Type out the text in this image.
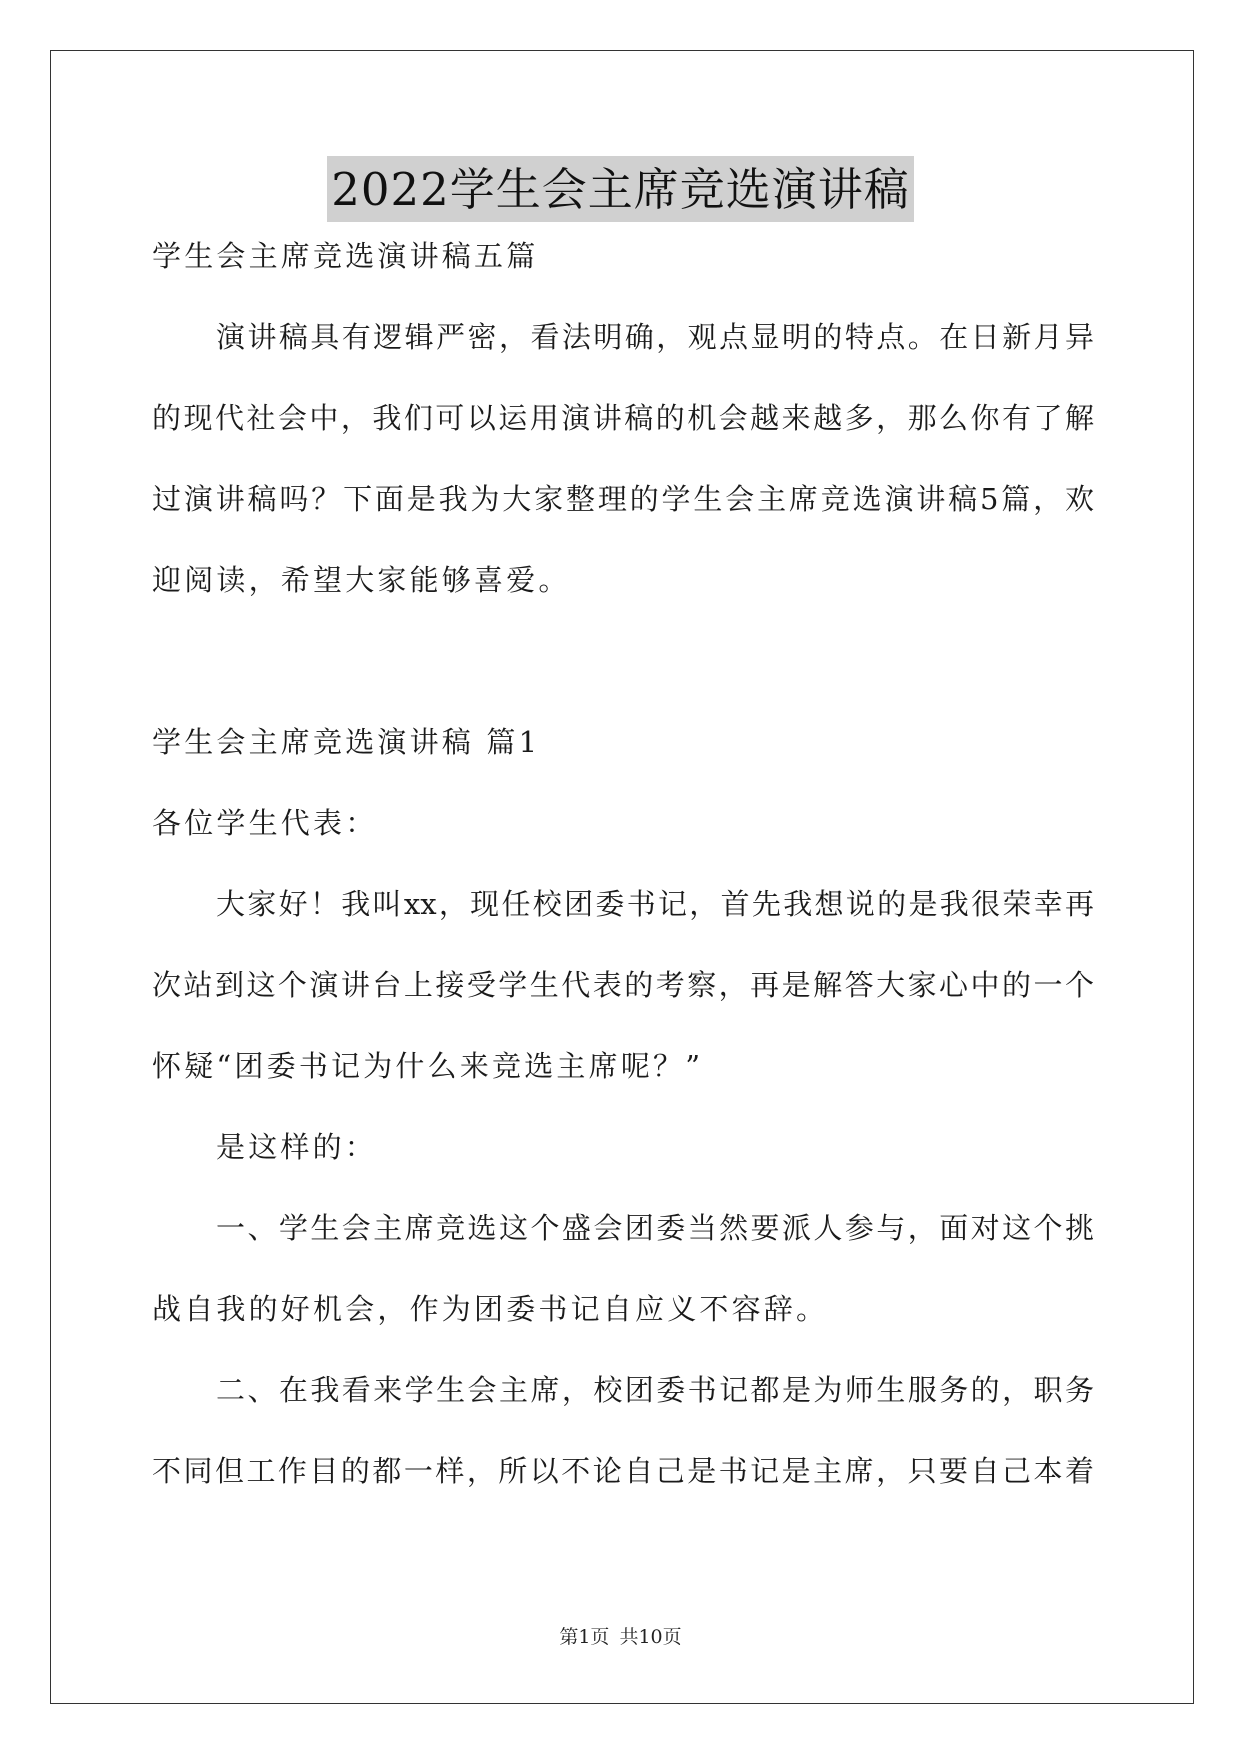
2022学生会主席竞选演讲稿
学生会主席竞选演讲稿五篇
演讲稿具有逻辑严密，看法明确，观点显明的特点。在日新月异
的现代社会中，我们可以运用演讲稿的机会越来越多，那么你有了解
过演讲稿吗？下面是我为大家整理的学生会主席竞选演讲稿5篇，欢
迎阅读，希望大家能够喜爱。
学生会主席竞选演讲稿 篇1
各位学生代表：
大家好！我叫xx，现任校团委书记，首先我想说的是我很荣幸再
次站到这个演讲台上接受学生代表的考察，再是解答大家心中的一个
怀疑“团委书记为什么来竞选主席呢？”
是这样的：
一、学生会主席竞选这个盛会团委当然要派人参与，面对这个挑
战自我的好机会，作为团委书记自应义不容辞。
二、在我看来学生会主席，校团委书记都是为师生服务的，职务
不同但工作目的都一样，所以不论自己是书记是主席，只要自己本着
第1页 共10页
